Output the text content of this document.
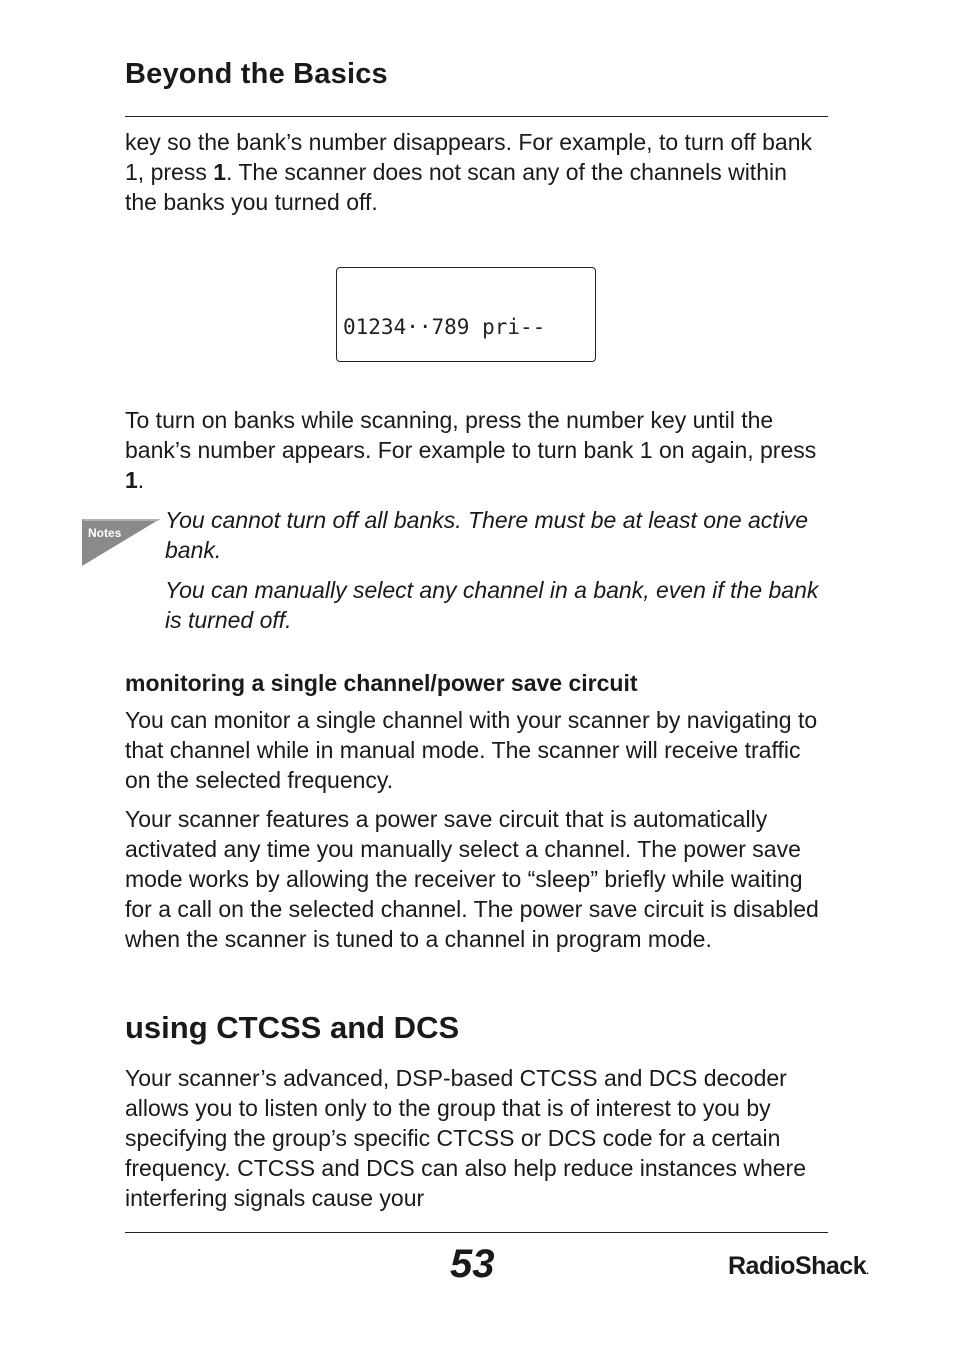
Beyond the Basics

key so the bank’s number disappears. For example, to turn off bank 1, press 1. The scanner does not scan any of the channels within the banks you turned off.

01234··789 pri--

To turn on banks while scanning, press the number key until the bank’s number appears. For example to turn bank 1 on again, press 1.

Notes You cannot turn off all banks. There must be at least one active bank.

You can manually select any channel in a bank, even if the bank is turned off.

monitoring a single channel/power save circuit

You can monitor a single channel with your scanner by navigating to that channel while in manual mode. The scanner will receive traffic on the selected frequency.

Your scanner features a power save circuit that is automatically activated any time you manually select a channel. The power save mode works by allowing the receiver to “sleep” briefly while waiting for a call on the selected channel. The power save circuit is disabled when the scanner is tuned to a channel in program mode.

using CTCSS and DCS

Your scanner’s advanced, DSP-based CTCSS and DCS decoder allows you to listen only to the group that is of interest to you by specifying the group’s specific CTCSS or DCS code for a certain frequency. CTCSS and DCS can also help reduce instances where interfering signals cause your

53	RadioShack.
